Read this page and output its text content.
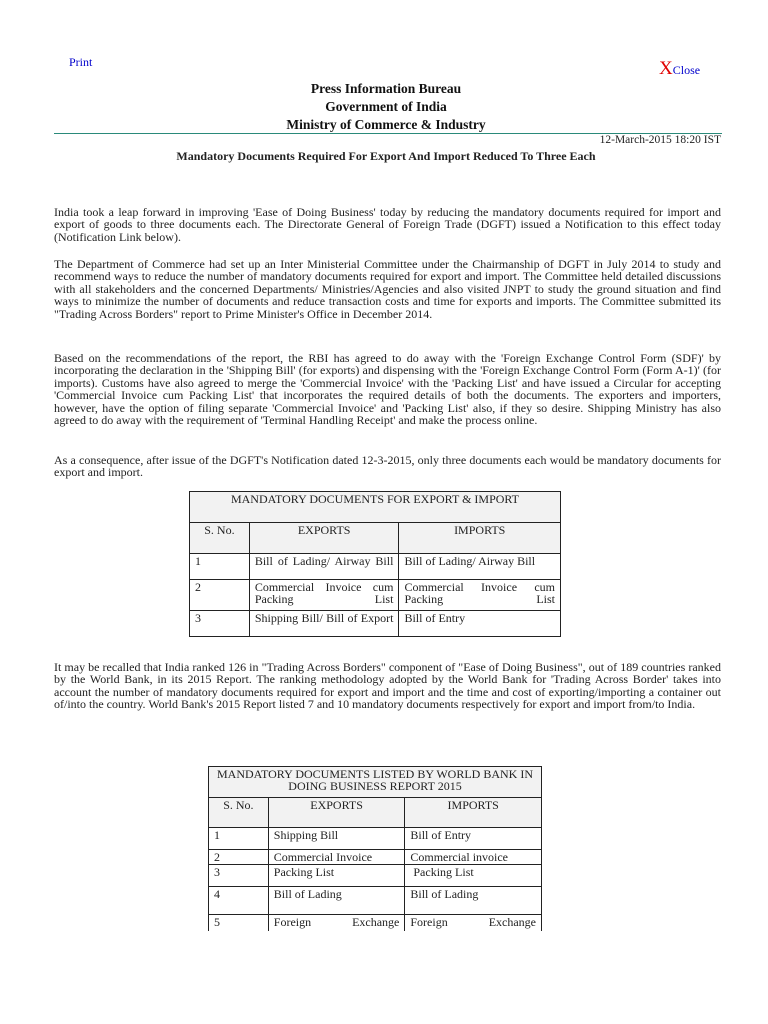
Print	XClose
Press Information Bureau
Government of India
Ministry of Commerce & Industry
12-March-2015 18:20 IST
Mandatory Documents Required For Export And Import Reduced To Three Each
India took a leap forward in improving 'Ease of Doing Business' today by reducing the mandatory documents required for import and export of goods to three documents each. The Directorate General of Foreign Trade (DGFT) issued a Notification to this effect today (Notification Link below).
The Department of Commerce had set up an Inter Ministerial Committee under the Chairmanship of DGFT in July 2014 to study and recommend ways to reduce the number of mandatory documents required for export and import. The Committee held detailed discussions with all stakeholders and the concerned Departments/ Ministries/Agencies and also visited JNPT to study the ground situation and find ways to minimize the number of documents and reduce transaction costs and time for exports and imports. The Committee submitted its "Trading Across Borders" report to Prime Minister's Office in December 2014.
Based on the recommendations of the report, the RBI has agreed to do away with the 'Foreign Exchange Control Form (SDF)' by incorporating the declaration in the 'Shipping Bill' (for exports) and dispensing with the 'Foreign Exchange Control Form (Form A-1)' (for imports). Customs have also agreed to merge the 'Commercial Invoice' with the 'Packing List' and have issued a Circular for accepting 'Commercial Invoice cum Packing List' that incorporates the required details of both the documents. The exporters and importers, however, have the option of filing separate 'Commercial Invoice' and 'Packing List' also, if they so desire. Shipping Ministry has also agreed to do away with the requirement of 'Terminal Handling Receipt' and make the process online.
As a consequence, after issue of the DGFT's Notification dated 12-3-2015, only three documents each would be mandatory documents for export and import.
MANDATORY DOCUMENTS FOR EXPORT & IMPORT		
S. No.	EXPORTS	IMPORTS
1	Bill of Lading/ Airway Bill	Bill of Lading/ Airway Bill
2	Commercial Invoice cum Packing List	Commercial Invoice cum Packing List
3	Shipping Bill/ Bill of Export	Bill of Entry
It may be recalled that India ranked 126 in "Trading Across Borders" component of "Ease of Doing Business", out of 189 countries ranked by the World Bank, in its 2015 Report. The ranking methodology adopted by the World Bank for 'Trading Across Border' takes into account the number of mandatory documents required for export and import and the time and cost of exporting/importing a container out of/into the country. World Bank's 2015 Report listed 7 and 10 mandatory documents respectively for export and import from/to India.
MANDATORY DOCUMENTS LISTED BY WORLD BANK IN DOING BUSINESS REPORT 2015		
S. No.	EXPORTS	IMPORTS
1	Shipping Bill	Bill of Entry
2	Commercial Invoice	Commercial invoice
3	Packing List	Packing List
4	Bill of Lading	Bill of Lading
5	Foreign Exchange	Foreign Exchange
